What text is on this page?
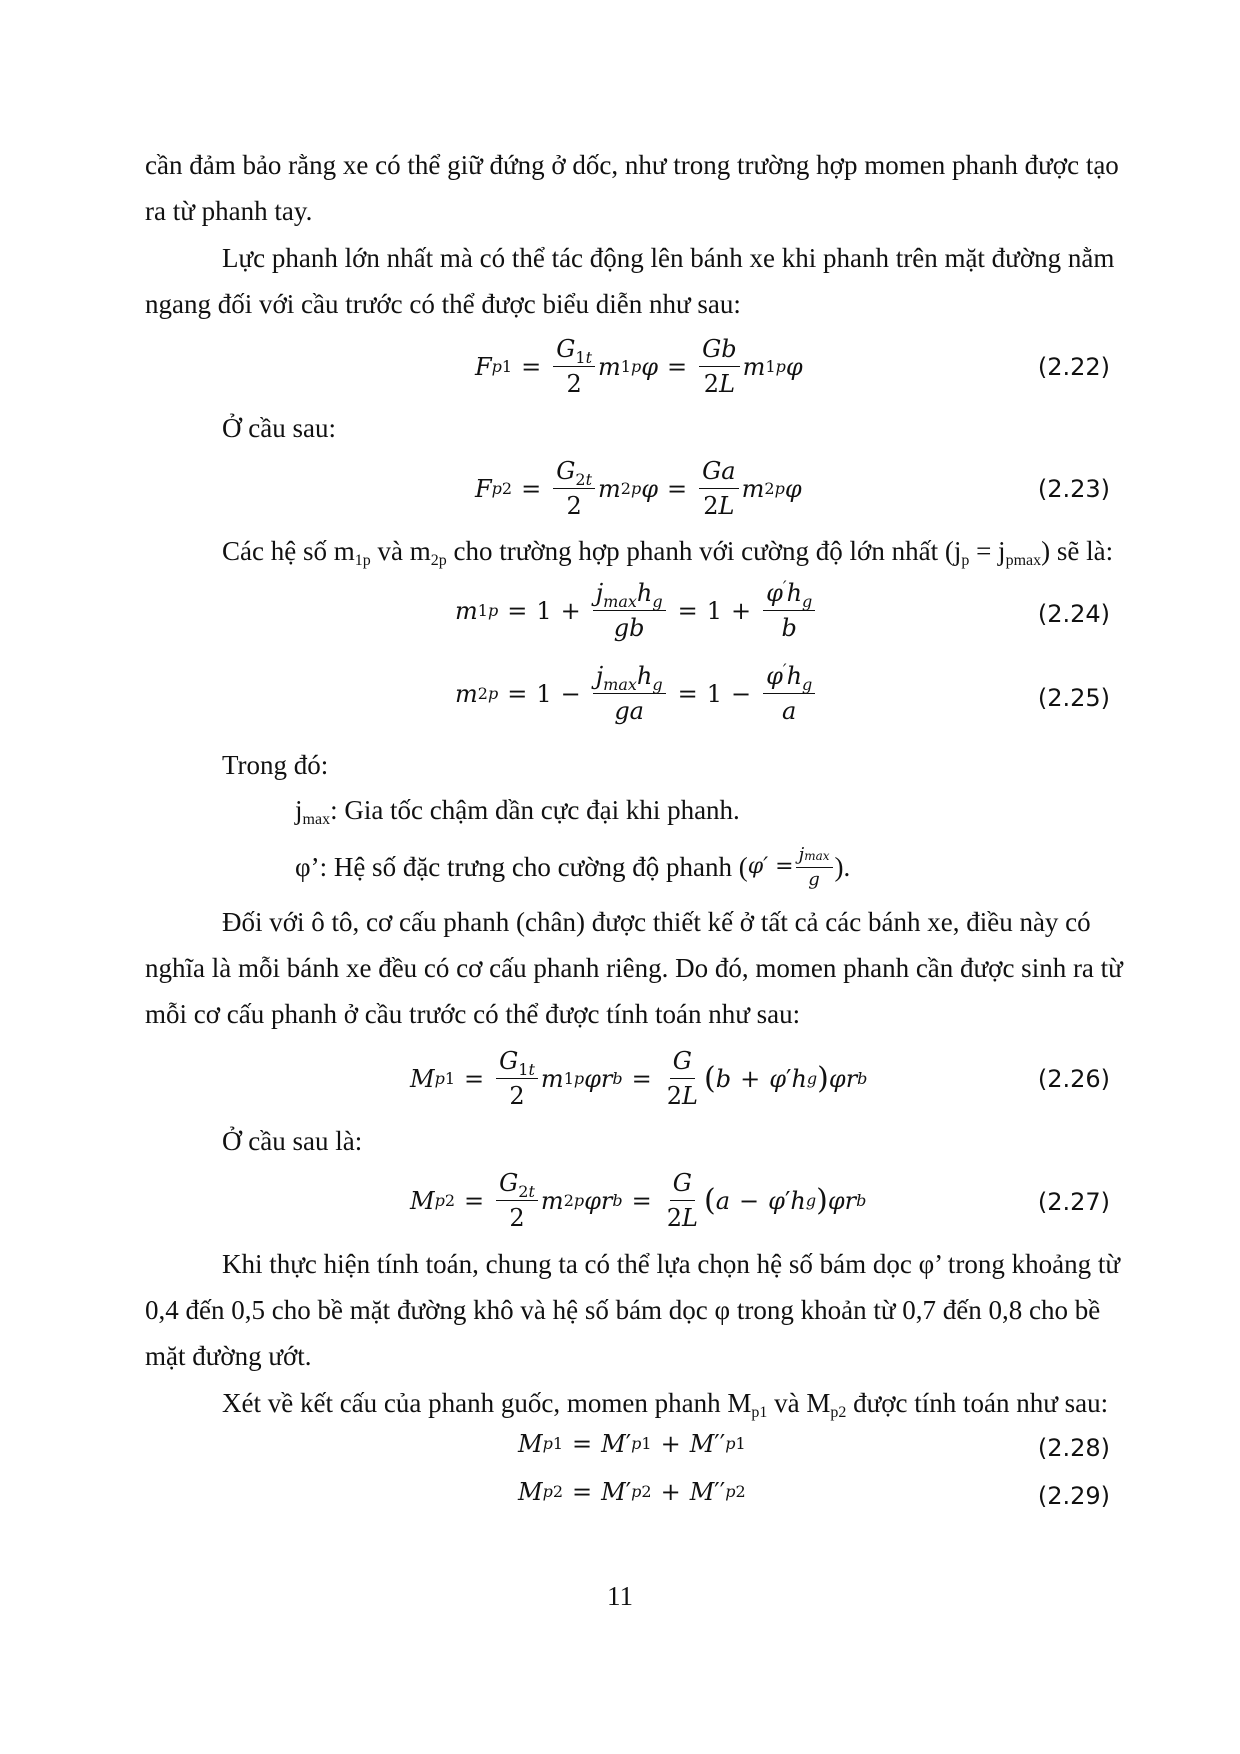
cần đảm bảo rằng xe có thể giữ đứng ở dốc, như trong trường hợp momen phanh được tạo
ra từ phanh tay.
Lực phanh lớn nhất mà có thể tác động lên bánh xe khi phanh trên mặt đường nằm
ngang đối với cầu trước có thể được biểu diễn như sau:
F p $1 = \frac{G_{1t}}{2}$ m 1 p $\varphi = \frac{Gb}{2L}$ m 1 p φ	(2.22)
Ở cầu sau:
F p $2 = \frac{G_{2t}}{2}$ m 2 p $\varphi = \frac{Ga}{2L}$ m 2 p φ	(2.23)
Các hệ số m1p và m2p cho trường hợp phanh với cường độ lớn nhất (jp = jpmax) sẽ là:
m 1 $p = 1 + \frac{j_{max}h_g}{gb} = 1 + \frac{\varphi'h_g}{b}$	(2.24)
m 2 $p = 1 - \frac{j_{max}h_g}{ga} = 1 - \frac{\varphi'h_g}{a}$	(2.25)
Trong đó:
jmax: Gia tốc chậm dần cực đại khi phanh.
φ’: Hệ số đặc trưng cho cường độ phanh ( $\varphi' = \frac{jmax}{g}$ ).
Đối với ô tô, cơ cấu phanh (chân) được thiết kế ở tất cả các bánh xe, điều này có
nghĩa là mỗi bánh xe đều có cơ cấu phanh riêng. Do đó, momen phanh cần được sinh ra từ
mỗi cơ cấu phanh ở cầu trước có thể được tính toán như sau:
M p $1 = \frac{G_{1t}}{2}$ m 1 p φr $b = \frac{G}{2L}$ ( b + φ ′ h g ) φr b	(2.26)
Ở cầu sau là:
M p $2 = \frac{G_{2t}}{2}$ m 2 p φr $b = \frac{G}{2L}$ ( a − φ ′ h g ) φr b	(2.27)
Khi thực hiện tính toán, chung ta có thể lựa chọn hệ số bám dọc φ’ trong khoảng từ
0,4 đến 0,5 cho bề mặt đường khô và hệ số bám dọc φ trong khoản từ 0,7 đến 0,8 cho bề
mặt đường ướt.
Xét về kết cấu của phanh guốc, momen phanh Mp1 và Mp2 được tính toán như sau:
M p 1 = M ′ p 1 + M ′′ p 1	(2.28)
M p 2 = M ′ p 2 + M ′′ p 2	(2.29)
11
